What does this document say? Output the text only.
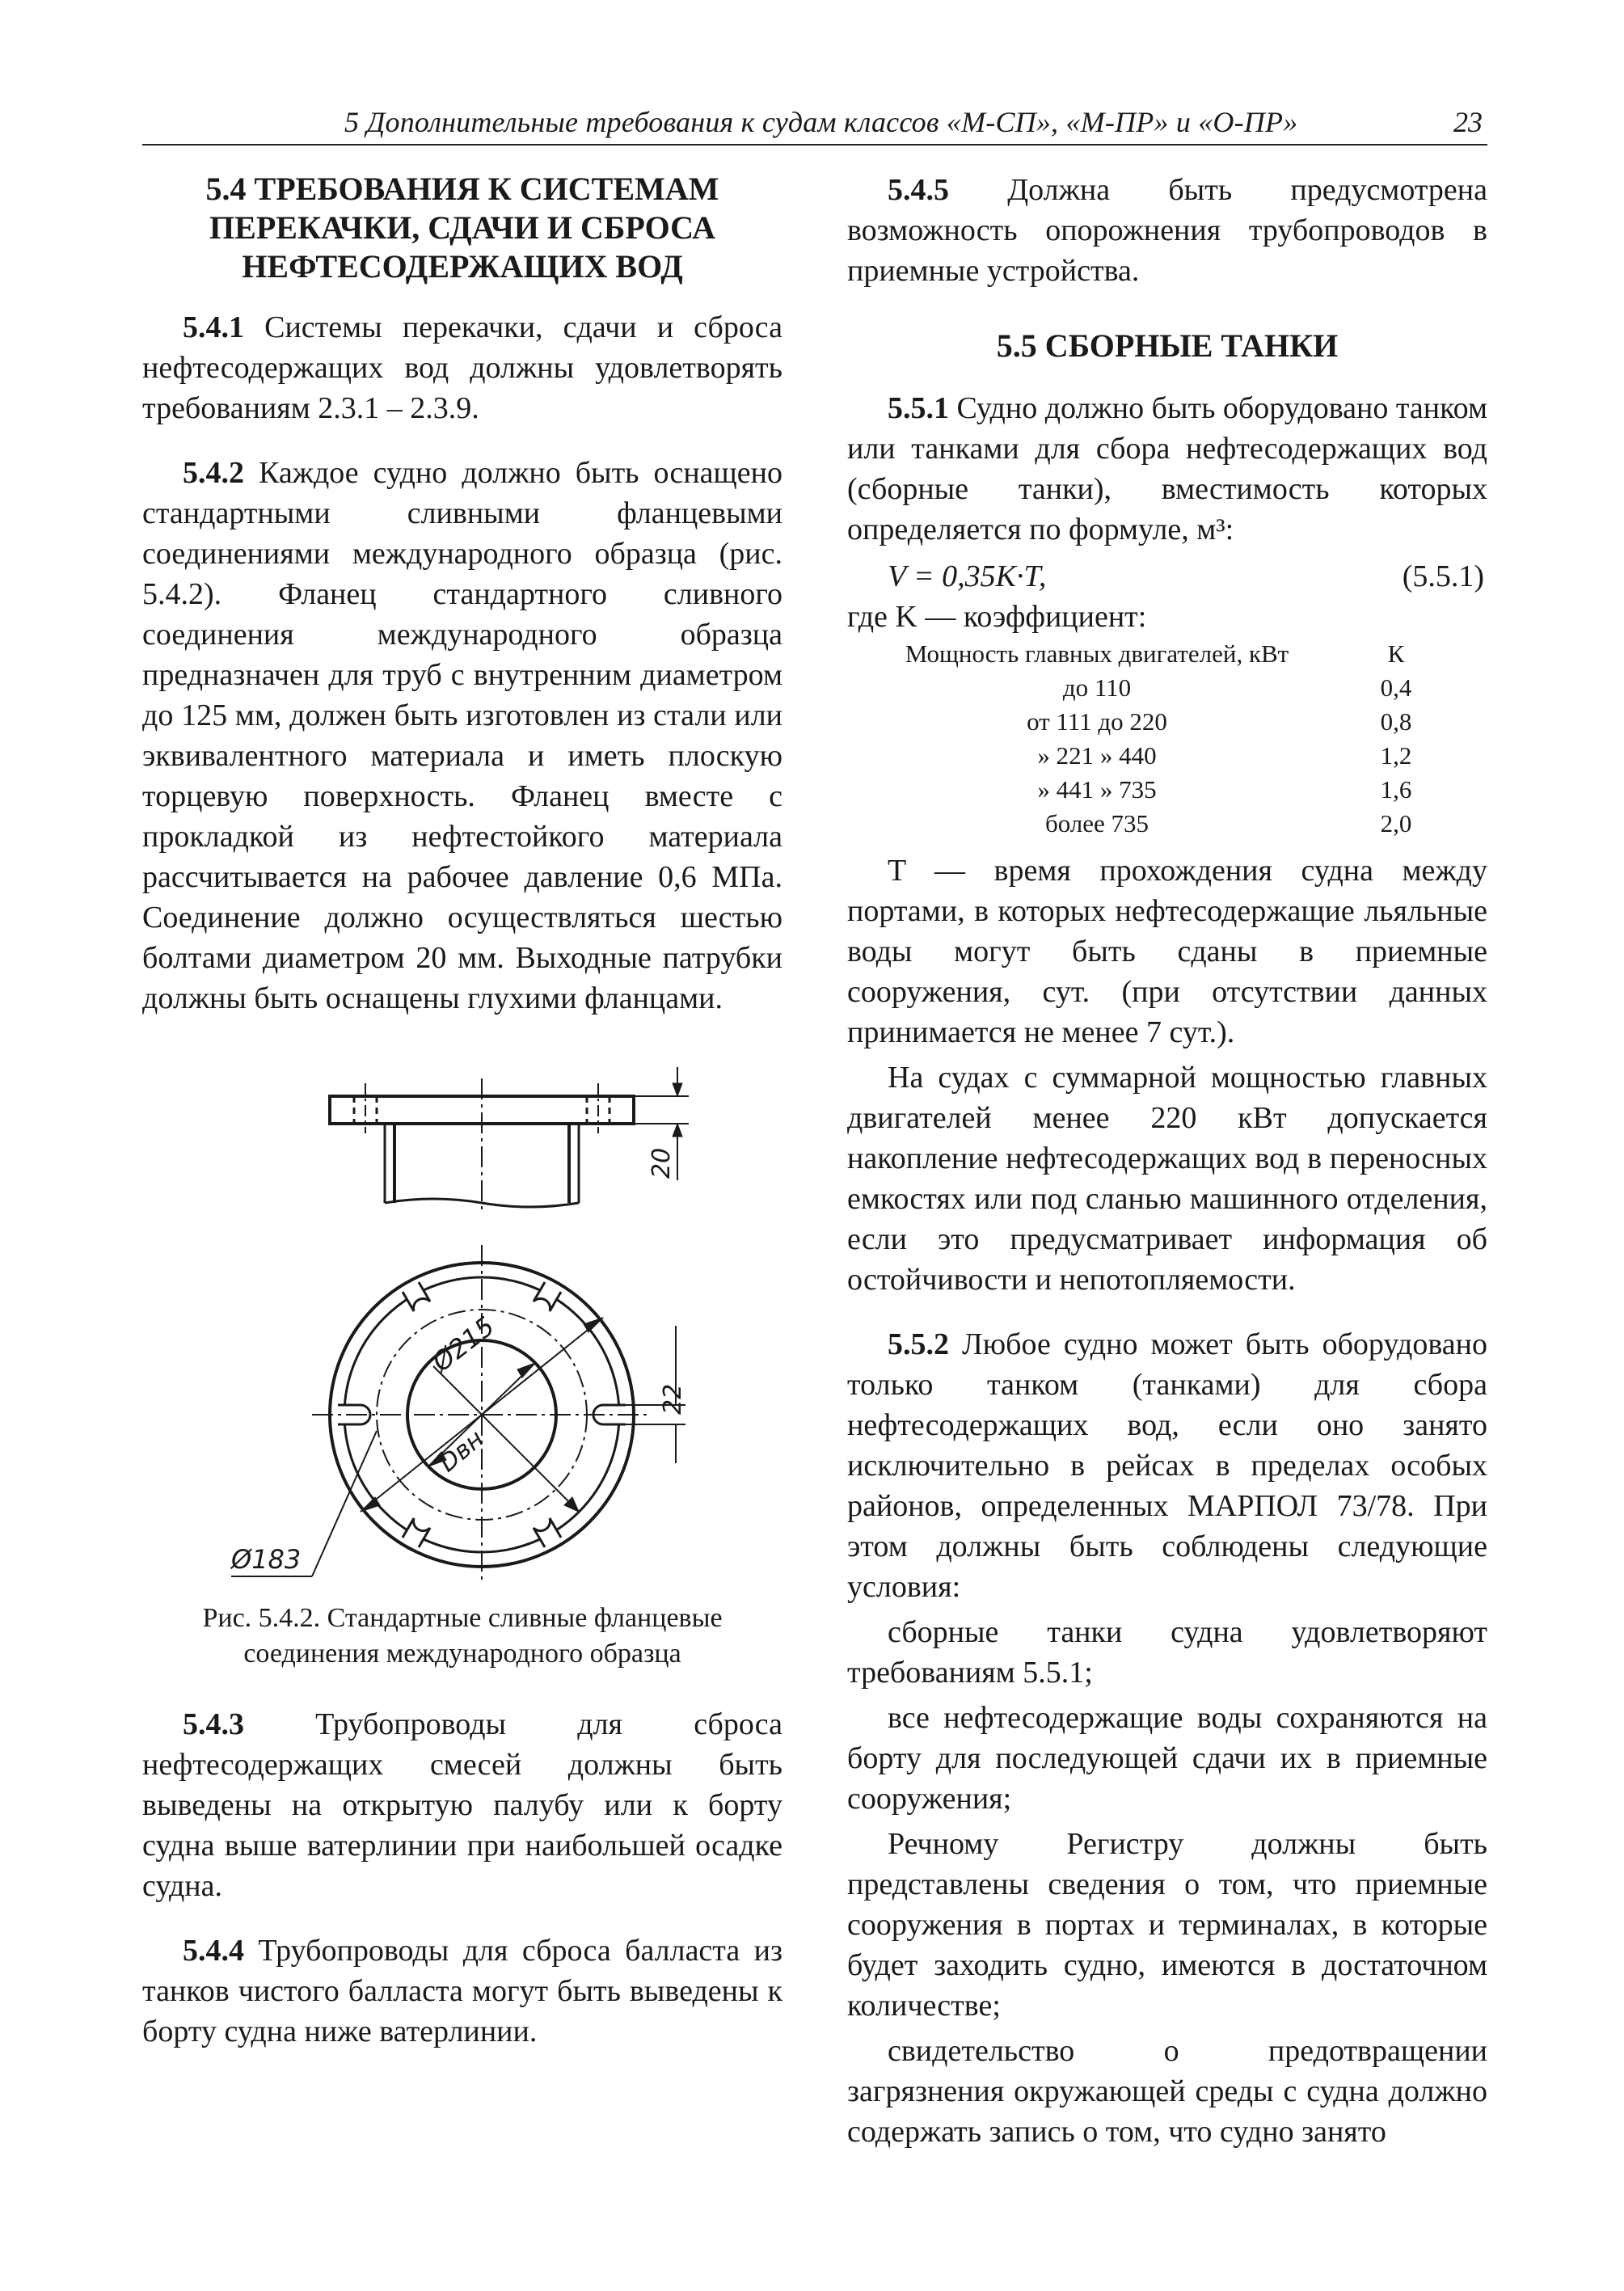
5 Дополнительные требования к судам классов «М-СП», «М-ПР» и «О-ПР»	23
5.4 ТРЕБОВАНИЯ К СИСТЕМАМ ПЕРЕКАЧКИ, СДАЧИ И СБРОСА НЕФТЕСОДЕРЖАЩИХ ВОД

5.4.1 Системы перекачки, сдачи и сброса нефтесодержащих вод должны удовлетворять требованиям 2.3.1 – 2.3.9.

5.4.2 Каждое судно должно быть оснащено стандартными сливными фланцевыми соединениями международного образца (рис. 5.4.2). Фланец стандартного сливного соединения международного образца предназначен для труб с внутренним диаметром до 125 мм, должен быть изготовлен из стали или эквивалентного материала и иметь плоскую торцевую поверхность. Фланец вместе с прокладкой из нефтестойкого материала рассчитывается на рабочее давление 0,6 МПа. Соединение должно осуществляться шестью болтами диаметром 20 мм. Выходные патрубки должны быть оснащены глухими фланцами.

20
22
Ø215
Dвн
Ø183
Рис. 5.4.2. Стандартные сливные фланцевые соединения международного образца

5.4.3 Трубопроводы для сброса нефтесодержащих смесей должны быть выведены на открытую палубу или к борту судна выше ватерлинии при наибольшей осадке судна.

5.4.4 Трубопроводы для сброса балласта из танков чистого балласта могут быть выведены к борту судна ниже ватерлинии.

5.4.5 Должна быть предусмотрена возможность опорожнения трубопроводов в приемные устройства.

5.5 СБОРНЫЕ ТАНКИ

5.5.1 Судно должно быть оборудовано танком или танками для сбора нефтесодержащих вод (сборные танки), вместимость которых определяется по формуле, м³:

V = 0,35K·T,	(5.5.1)
где K — коэффициент:
Мощность главных двигателей, кВт	К
до 110	0,4
от 111 до 220	0,8
» 221 » 440	1,2
» 441 » 735	1,6
более 735	2,0

T — время прохождения судна между портами, в которых нефтесодержащие льяльные воды могут быть сданы в приемные сооружения, сут. (при отсутствии данных принимается не менее 7 сут.).

На судах с суммарной мощностью главных двигателей менее 220 кВт допускается накопление нефтесодержащих вод в переносных емкостях или под сланью машинного отделения, если это предусматривает информация об остойчивости и непотопляемости.

5.5.2 Любое судно может быть оборудовано только танком (танками) для сбора нефтесодержащих вод, если оно занято исключительно в рейсах в пределах особых районов, определенных МАРПОЛ 73/78. При этом должны быть соблюдены следующие условия:

сборные танки судна удовлетворяют требованиям 5.5.1;

все нефтесодержащие воды сохраняются на борту для последующей сдачи их в приемные сооружения;

Речному Регистру должны быть представлены сведения о том, что приемные сооружения в портах и терминалах, в которые будет заходить судно, имеются в достаточном количестве;

свидетельство о предотвращении загрязнения окружающей среды с судна должно содержать запись о том, что судно занято
